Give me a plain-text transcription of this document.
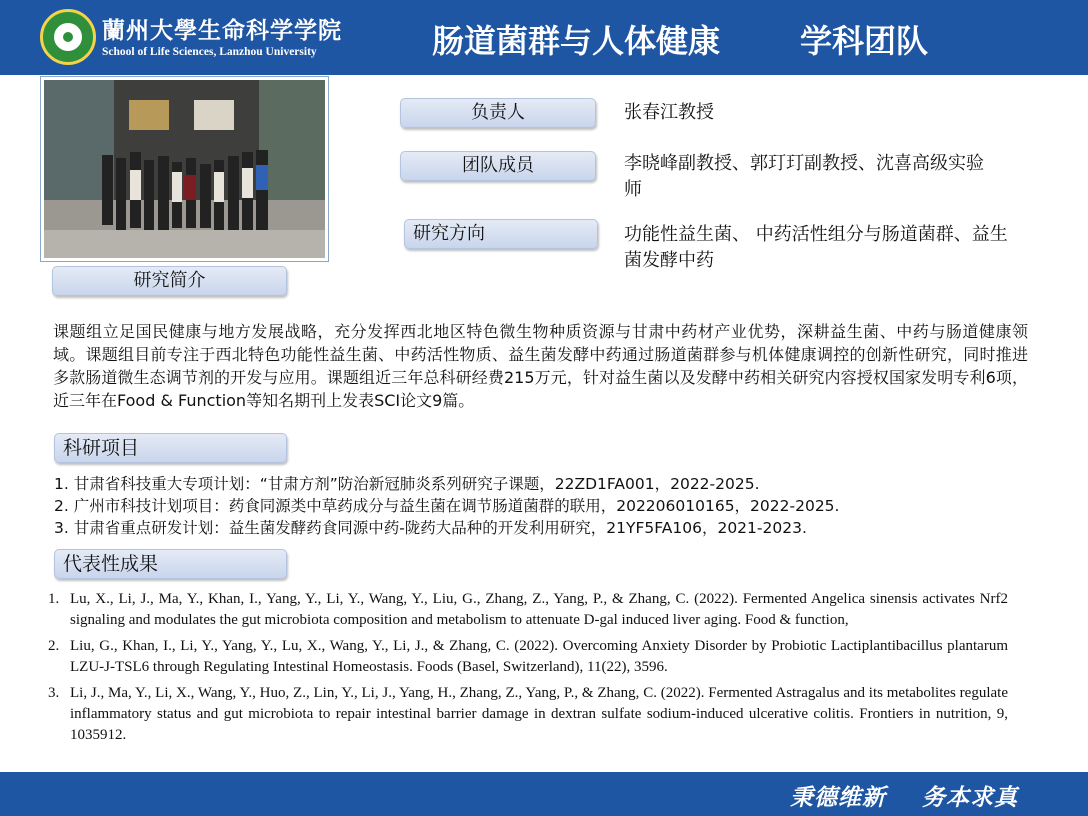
蘭州大學生命科学学院
School of Life Sciences, Lanzhou University	肠道菌群与人体健康 学科团队
负责人	张春江教授
团队成员	李晓峰副教授、郭玎玎副教授、沈喜高级实验师
研究方向	功能性益生菌、 中药活性组分与肠道菌群、益生菌发酵中药
研究简介
课题组立足国民健康与地方发展战略，充分发挥西北地区特色微生物种质资源与甘肃中药材产业优势，深耕益生菌、中药与肠道健康领域。课题组目前专注于西北特色功能性益生菌、中药活性物质、益生菌发酵中药通过肠道菌群参与机体健康调控的创新性研究，同时推进多款肠道微生态调节剂的开发与应用。课题组近三年总科研经费215万元，针对益生菌以及发酵中药相关研究内容授权国家发明专利6项，近三年在Food & Function等知名期刊上发表SCI论文9篇。
科研项目
1. 甘肃省科技重大专项计划：“甘肃方剂”防治新冠肺炎系列研究子课题，22ZD1FA001，2022-2025.
2. 广州市科技计划项目：药食同源类中草药成分与益生菌在调节肠道菌群的联用，202206010165，2022-2025.
3. 甘肃省重点研发计划：益生菌发酵药食同源中药-陇药大品种的开发利用研究，21YF5FA106，2021-2023.
代表性成果
1. Lu, X., Li, J., Ma, Y., Khan, I., Yang, Y., Li, Y., Wang, Y., Liu, G., Zhang, Z., Yang, P., & Zhang, C. (2022). Fermented Angelica sinensis activates Nrf2 signaling and modulates the gut microbiota composition and metabolism to attenuate D-gal induced liver aging. Food & function,
2. Liu, G., Khan, I., Li, Y., Yang, Y., Lu, X., Wang, Y., Li, J., & Zhang, C. (2022). Overcoming Anxiety Disorder by Probiotic Lactiplantibacillus plantarum LZU-J-TSL6 through Regulating Intestinal Homeostasis. Foods (Basel, Switzerland), 11(22), 3596.
3. Li, J., Ma, Y., Li, X., Wang, Y., Huo, Z., Lin, Y., Li, J., Yang, H., Zhang, Z., Yang, P., & Zhang, C. (2022). Fermented Astragalus and its metabolites regulate inflammatory status and gut microbiota to repair intestinal barrier damage in dextran sulfate sodium-induced ulcerative colitis. Frontiers in nutrition, 9, 1035912.
秉德维新    务本求真
